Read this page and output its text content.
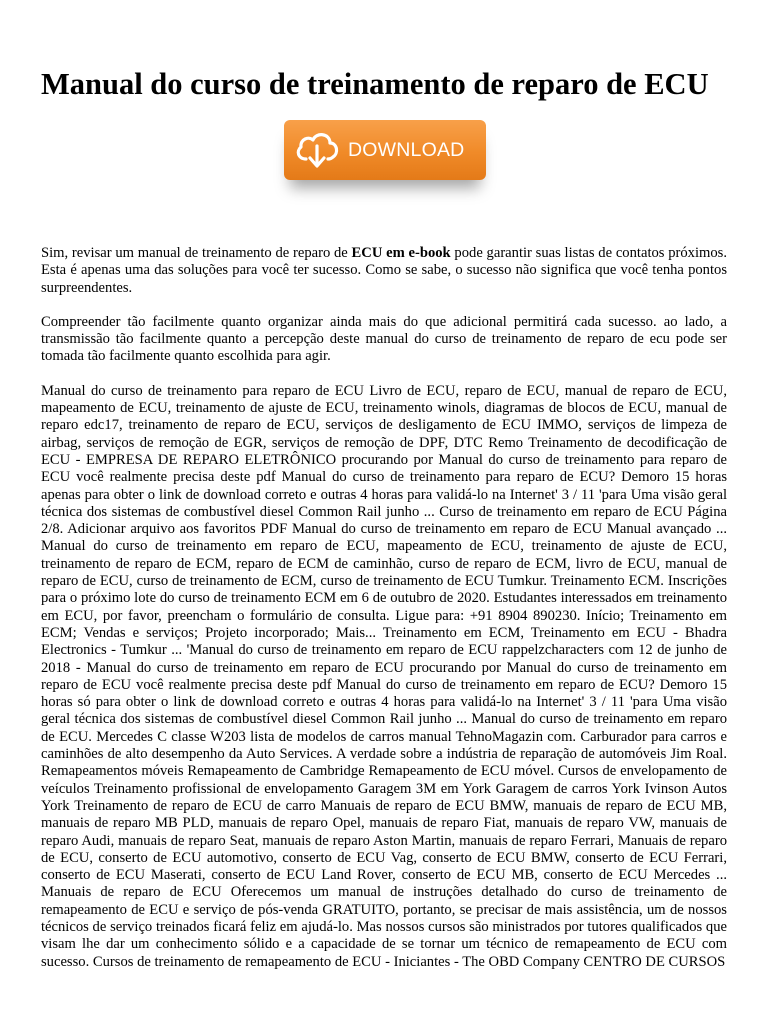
Manual do curso de treinamento de reparo de ECU
DOWNLOAD

Sim, revisar um manual de treinamento de reparo de ECU em e-book pode garantir suas listas de contatos próximos. Esta é apenas uma das soluções para você ter sucesso. Como se sabe, o sucesso não significa que você tenha pontos surpreendentes.

Compreender tão facilmente quanto organizar ainda mais do que adicional permitirá cada sucesso. ao lado, a transmissão tão facilmente quanto a percepção deste manual do curso de treinamento de reparo de ecu pode ser tomada tão facilmente quanto escolhida para agir.

Manual do curso de treinamento para reparo de ECU Livro de ECU, reparo de ECU, manual de reparo de ECU, mapeamento de ECU, treinamento de ajuste de ECU, treinamento winols, diagramas de blocos de ECU, manual de reparo edc17, treinamento de reparo de ECU, serviços de desligamento de ECU IMMO, serviços de limpeza de airbag, serviços de remoção de EGR, serviços de remoção de DPF, DTC Remo Treinamento de decodificação de ECU - EMPRESA DE REPARO ELETRÔNICO procurando por Manual do curso de treinamento para reparo de ECU você realmente precisa deste pdf Manual do curso de treinamento para reparo de ECU? Demoro 15 horas apenas para obter o link de download correto e outras 4 horas para validá-lo na Internet' 3 / 11 'para Uma visão geral técnica dos sistemas de combustível diesel Common Rail junho ... Curso de treinamento em reparo de ECU Página 2/8. Adicionar arquivo aos favoritos PDF Manual do curso de treinamento em reparo de ECU Manual avançado ... Manual do curso de treinamento em reparo de ECU, mapeamento de ECU, treinamento de ajuste de ECU, treinamento de reparo de ECM, reparo de ECM de caminhão, curso de reparo de ECM, livro de ECU, manual de reparo de ECU, curso de treinamento de ECM, curso de treinamento de ECU Tumkur. Treinamento ECM. Inscrições para o próximo lote do curso de treinamento ECM em 6 de outubro de 2020. Estudantes interessados em treinamento em ECU, por favor, preencham o formulário de consulta. Ligue para: +91 8904 890230. Início; Treinamento em ECM; Vendas e serviços; Projeto incorporado; Mais... Treinamento em ECM, Treinamento em ECU - Bhadra Electronics - Tumkur ... 'Manual do curso de treinamento em reparo de ECU rappelzcharacters com 12 de junho de 2018 - Manual do curso de treinamento em reparo de ECU procurando por Manual do curso de treinamento em reparo de ECU você realmente precisa deste pdf Manual do curso de treinamento em reparo de ECU? Demoro 15 horas só para obter o link de download correto e outras 4 horas para validá-lo na Internet' 3 / 11 'para Uma visão geral técnica dos sistemas de combustível diesel Common Rail junho ... Manual do curso de treinamento em reparo de ECU. Mercedes C classe W203 lista de modelos de carros manual TehnoMagazin com. Carburador para carros e caminhões de alto desempenho da Auto Services. A verdade sobre a indústria de reparação de automóveis Jim Roal. Remapeamentos móveis Remapeamento de Cambridge Remapeamento de ECU móvel. Cursos de envelopamento de veículos Treinamento profissional de envelopamento Garagem 3M em York Garagem de carros York Ivinson Autos York Treinamento de reparo de ECU de carro Manuais de reparo de ECU BMW, manuais de reparo de ECU MB, manuais de reparo MB PLD, manuais de reparo Opel, manuais de reparo Fiat, manuais de reparo VW, manuais de reparo Audi, manuais de reparo Seat, manuais de reparo Aston Martin, manuais de reparo Ferrari, Manuais de reparo de ECU, conserto de ECU automotivo, conserto de ECU Vag, conserto de ECU BMW, conserto de ECU Ferrari, conserto de ECU Maserati, conserto de ECU Land Rover, conserto de ECU MB, conserto de ECU Mercedes ... Manuais de reparo de ECU Oferecemos um manual de instruções detalhado do curso de treinamento de remapeamento de ECU e serviço de pós-venda GRATUITO, portanto, se precisar de mais assistência, um de nossos técnicos de serviço treinados ficará feliz em ajudá-lo. Mas nossos cursos são ministrados por tutores qualificados que visam lhe dar um conhecimento sólido e a capacidade de se tornar um técnico de remapeamento de ECU com sucesso. Cursos de treinamento de remapeamento de ECU - Iniciantes - The OBD Company CENTRO DE CURSOS
